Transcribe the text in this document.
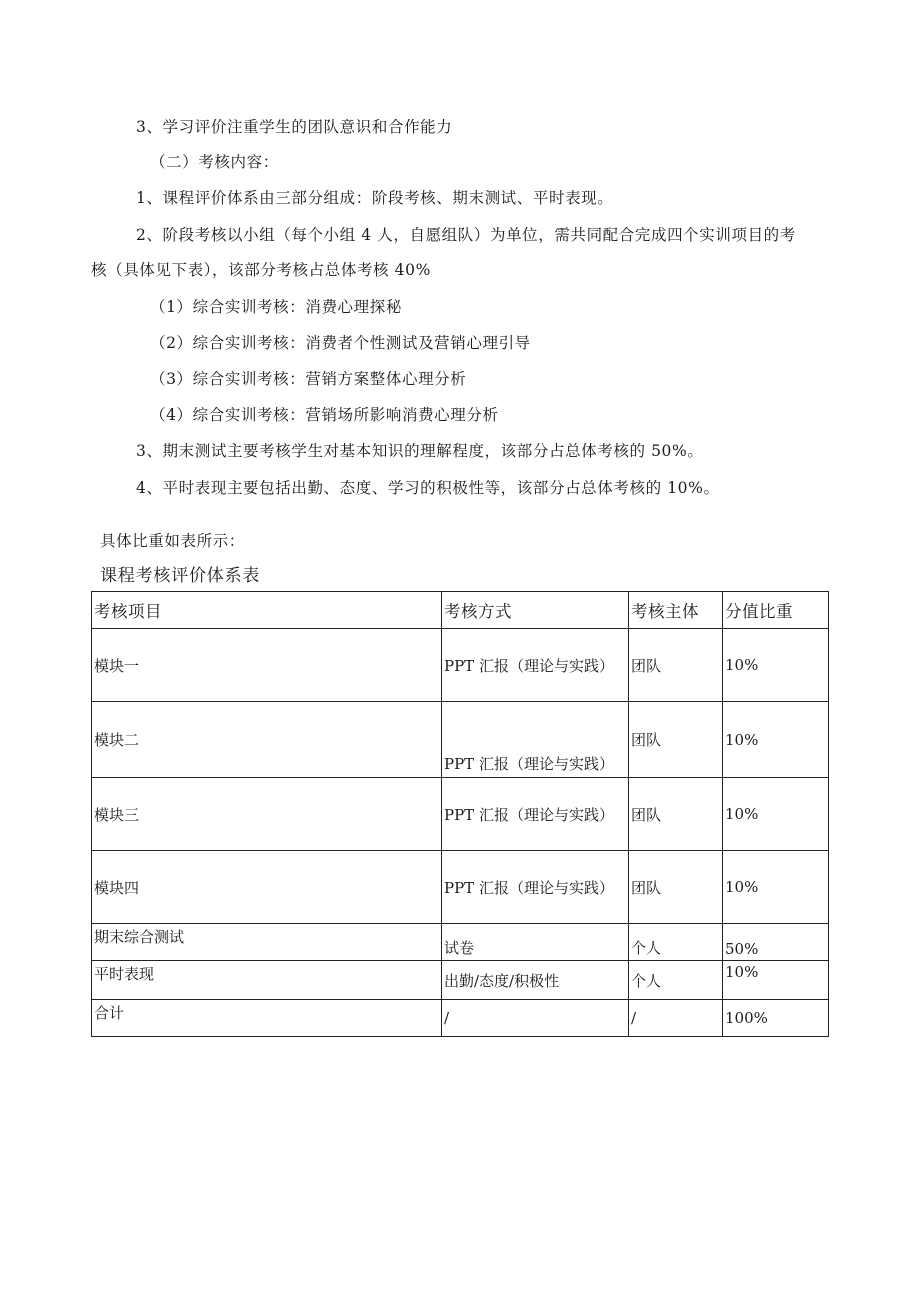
3、学习评价注重学生的团队意识和合作能力
（二）考核内容：
1、课程评价体系由三部分组成：阶段考核、期末测试、平时表现。
2、阶段考核以小组（每个小组 4 人，自愿组队）为单位，需共同配合完成四个实训项目的考
核（具体见下表），该部分考核占总体考核 40%
（1）综合实训考核：消费心理探秘
（2）综合实训考核：消费者个性测试及营销心理引导
（3）综合实训考核：营销方案整体心理分析
（4）综合实训考核：营销场所影响消费心理分析
3、期末测试主要考核学生对基本知识的理解程度，该部分占总体考核的 50%。
4、平时表现主要包括出勤、态度、学习的积极性等，该部分占总体考核的 10%。
具体比重如表所示：
课程考核评价体系表
考核项目	考核方式	考核主体	分值比重
模块一	PPT 汇报（理论与实践）	团队	10%
模块二	PPT 汇报（理论与实践）	团队	10%
模块三	PPT 汇报（理论与实践）	团队	10%
模块四	PPT 汇报（理论与实践）	团队	10%
期末综合测试	试卷	个人	50%
平时表现	出勤/态度/积极性	个人	10%
合计	/	/	100%
